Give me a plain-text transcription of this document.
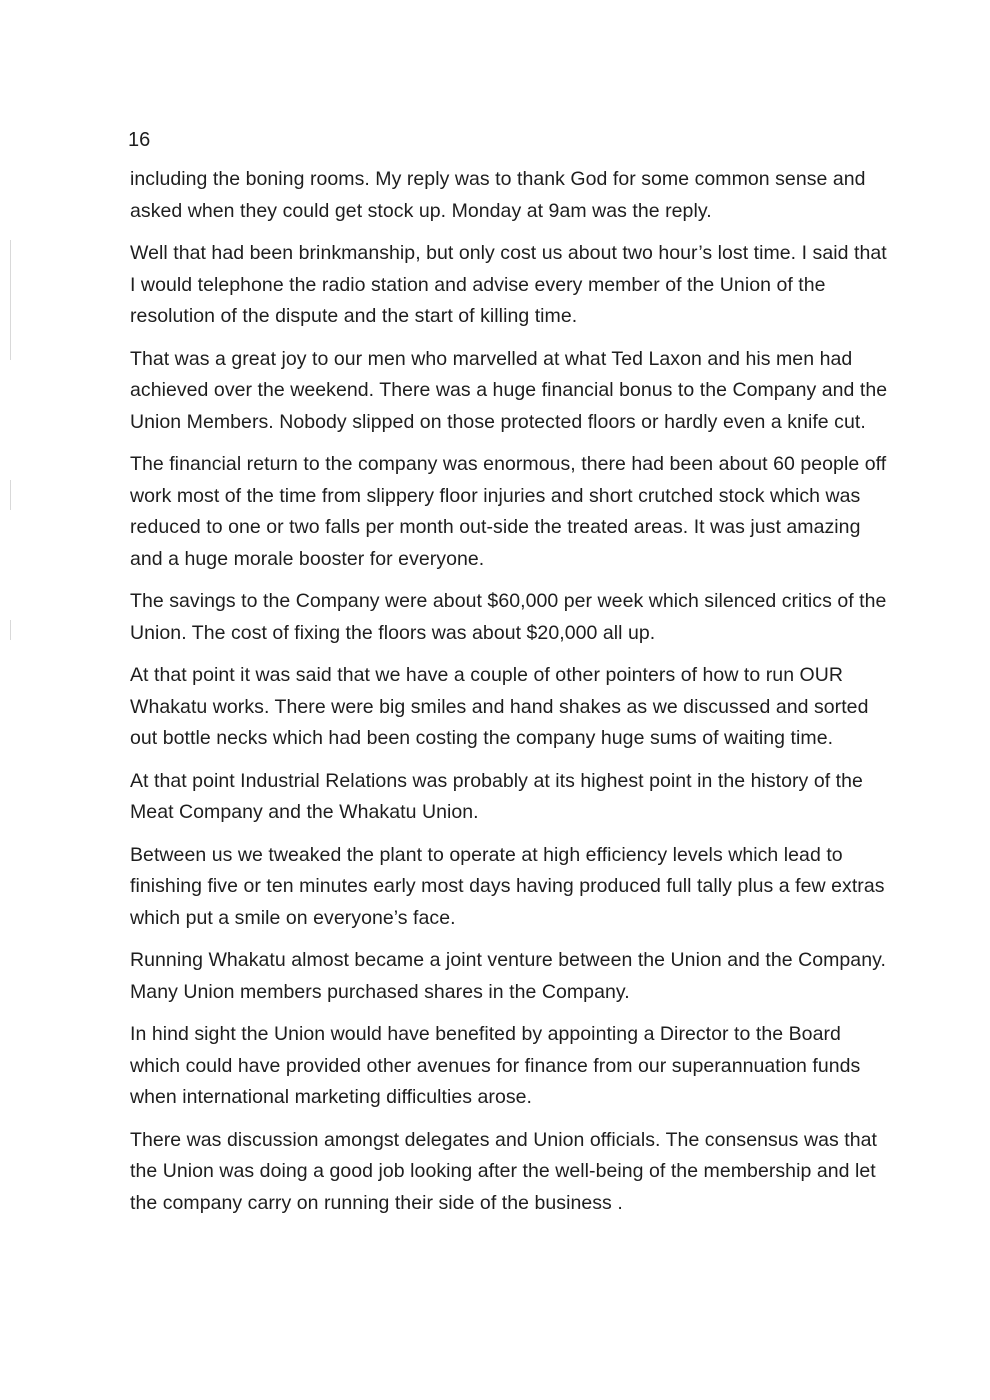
16

including the boning rooms. My reply was to thank God for some common sense and asked when they could get stock up. Monday at 9am was the reply.

Well that had been brinkmanship, but only cost us about two hour’s lost time. I said that I would telephone the radio station and advise every member of the Union of the resolution of the dispute and the start of killing time.

That was a great joy to our men who marvelled at what Ted Laxon and his men had achieved over the weekend. There was a huge financial bonus to the Company and the Union Members. Nobody slipped on those protected floors or hardly even a knife cut.

The financial return to the company was enormous, there had been about 60 people off work most of the time from slippery floor injuries and short crutched stock which was reduced to one or two falls per month out-side the treated areas. It was just amazing and a huge morale booster for everyone.

The savings to the Company were about $60,000 per week which silenced critics of the Union. The cost of fixing the floors was about $20,000 all up.

At that point it was said that we have a couple of other pointers of how to run OUR Whakatu works. There were big smiles and hand shakes as we discussed and sorted out bottle necks which had been costing the company huge sums of waiting time.

At that point Industrial Relations was probably at its highest point in the history of the Meat Company and the Whakatu Union.

Between us we tweaked the plant to operate at high efficiency levels which lead to finishing five or ten minutes early most days having produced full tally plus a few extras which put a smile on everyone’s face.

Running Whakatu almost became a joint venture between the Union and the Company. Many Union members purchased shares in the Company.

In hind sight the Union would have benefited by appointing a Director to the Board which could have provided other avenues for finance from our superannuation funds when international marketing difficulties arose.

There was discussion amongst delegates and Union officials. The consensus was that the Union was doing a good job looking after the well-being of the membership and let the company carry on running their side of the business .
